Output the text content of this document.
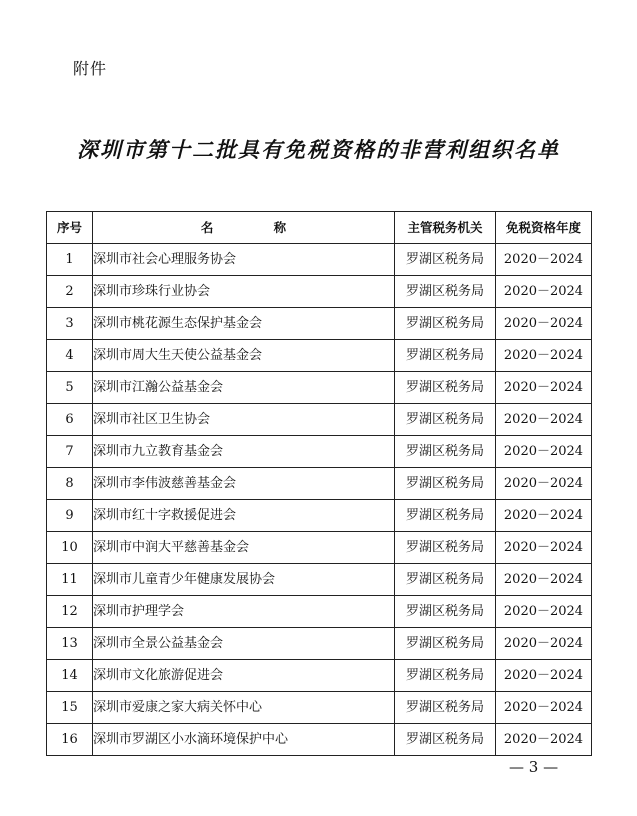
附件
深圳市第十二批具有免税资格的非营利组织名单
序号	名 称	主管税务机关	免税资格年度
1	深圳市社会心理服务协会	罗湖区税务局	2020－2024
2	深圳市珍珠行业协会	罗湖区税务局	2020－2024
3	深圳市桃花源生态保护基金会	罗湖区税务局	2020－2024
4	深圳市周大生天使公益基金会	罗湖区税务局	2020－2024
5	深圳市江瀚公益基金会	罗湖区税务局	2020－2024
6	深圳市社区卫生协会	罗湖区税务局	2020－2024
7	深圳市九立教育基金会	罗湖区税务局	2020－2024
8	深圳市李伟波慈善基金会	罗湖区税务局	2020－2024
9	深圳市红十字救援促进会	罗湖区税务局	2020－2024
10	深圳市中润大平慈善基金会	罗湖区税务局	2020－2024
11	深圳市儿童青少年健康发展协会	罗湖区税务局	2020－2024
12	深圳市护理学会	罗湖区税务局	2020－2024
13	深圳市全景公益基金会	罗湖区税务局	2020－2024
14	深圳市文化旅游促进会	罗湖区税务局	2020－2024
15	深圳市爱康之家大病关怀中心	罗湖区税务局	2020－2024
16	深圳市罗湖区小水滴环境保护中心	罗湖区税务局	2020－2024
— 3 —
